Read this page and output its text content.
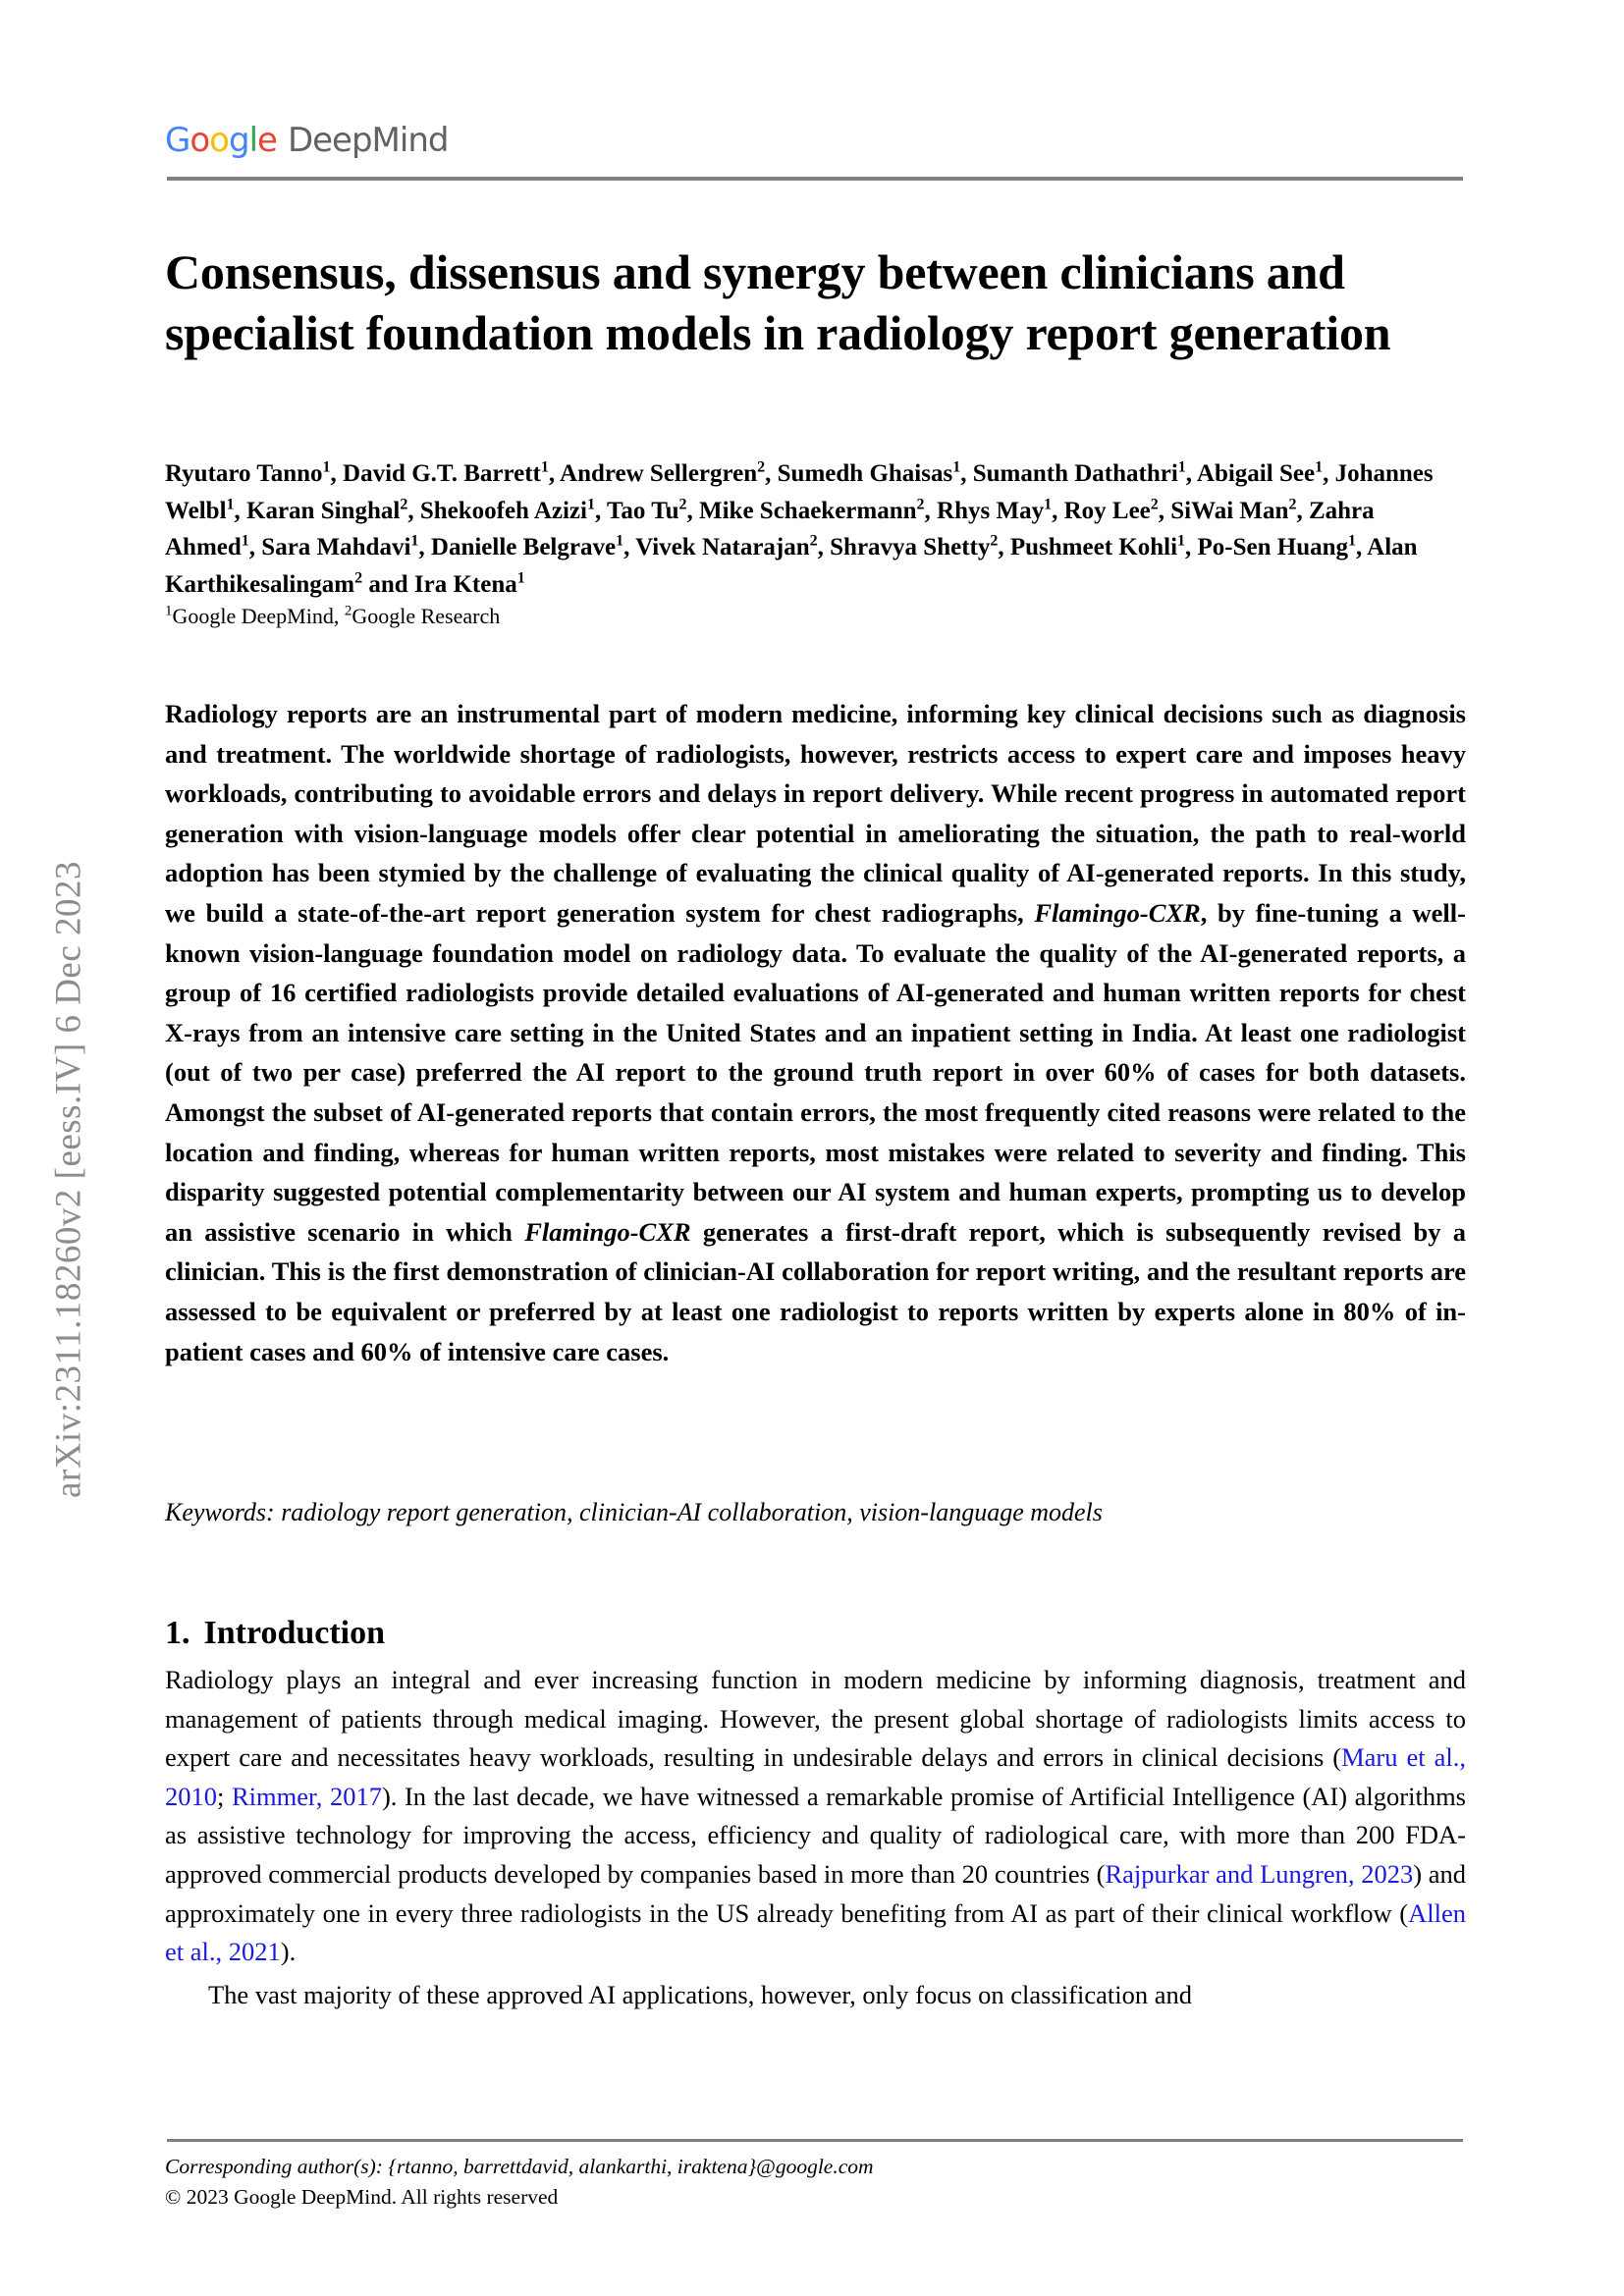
arXiv:2311.18260v2 [eess.IV] 6 Dec 2023
Google DeepMind
Consensus, dissensus and synergy between clinicians and specialist foundation models in radiology report generation
Ryutaro Tanno$^1$, David G.T. Barrett$^1$, Andrew Sellergren$^2$, Sumedh Ghaisas$^1$, Sumanth Dathathri$^1$, Abigail See$^1$, Johannes Welbl$^1$, Karan Singhal$^2$, Shekoofeh Azizi$^1$, Tao Tu$^2$, Mike Schaekermann$^2$, Rhys May$^1$, Roy Lee$^2$, SiWai Man$^2$, Zahra Ahmed$^1$, Sara Mahdavi$^1$, Danielle Belgrave$^1$, Vivek Natarajan$^2$, Shravya Shetty$^2$, Pushmeet Kohli$^1$, Po-Sen Huang$^1$, Alan Karthikesalingam$^2$ and Ira Ktena$^1$
$^1$Google DeepMind, $^2$Google Research
Radiology reports are an instrumental part of modern medicine, informing key clinical decisions such as diagnosis and treatment. The worldwide shortage of radiologists, however, restricts access to expert care and imposes heavy workloads, contributing to avoidable errors and delays in report delivery. While recent progress in automated report generation with vision-language models offer clear potential in ameliorating the situation, the path to real-world adoption has been stymied by the challenge of evaluating the clinical quality of AI-generated reports. In this study, we build a state-of-the-art report generation system for chest radiographs, Flamingo-CXR, by fine-tuning a well-known vision-language foundation model on radiology data. To evaluate the quality of the AI-generated reports, a group of 16 certified radiologists provide detailed evaluations of AI-generated and human written reports for chest X-rays from an intensive care setting in the United States and an inpatient setting in India. At least one radiologist (out of two per case) preferred the AI report to the ground truth report in over 60% of cases for both datasets. Amongst the subset of AI-generated reports that contain errors, the most frequently cited reasons were related to the location and finding, whereas for human written reports, most mistakes were related to severity and finding. This disparity suggested potential complementarity between our AI system and human experts, prompting us to develop an assistive scenario in which Flamingo-CXR generates a first-draft report, which is subsequently revised by a clinician. This is the first demonstration of clinician-AI collaboration for report writing, and the resultant reports are assessed to be equivalent or preferred by at least one radiologist to reports written by experts alone in 80% of in-patient cases and 60% of intensive care cases.
Keywords: radiology report generation, clinician-AI collaboration, vision-language models
1. Introduction

Radiology plays an integral and ever increasing function in modern medicine by informing diagnosis, treatment and management of patients through medical imaging. However, the present global shortage of radiologists limits access to expert care and necessitates heavy workloads, resulting in undesirable delays and errors in clinical decisions (Maru et al., 2010; Rimmer, 2017). In the last decade, we have witnessed a remarkable promise of Artificial Intelligence (AI) algorithms as assistive technology for improving the access, efficiency and quality of radiological care, with more than 200 FDA-approved commercial products developed by companies based in more than 20 countries (Rajpurkar and Lungren, 2023) and approximately one in every three radiologists in the US already benefiting from AI as part of their clinical workflow (Allen et al., 2021).

The vast majority of these approved AI applications, however, only focus on classification and

Corresponding author(s): {rtanno, barrettdavid, alankarthi, iraktena}@google.com
© 2023 Google DeepMind. All rights reserved
